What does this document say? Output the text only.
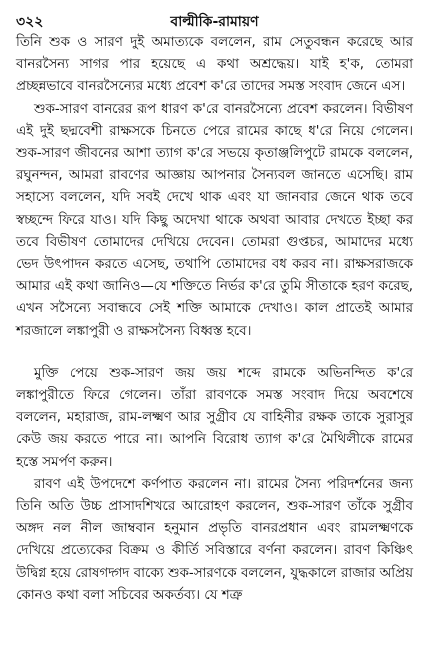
৩২২	বাল্মীকি-রামায়ণ

তিনি শুক ও সারণ দুই অমাত্যকে বললেন, রাম সেতুবন্ধন করেছে আর বানরসৈন্য সাগর পার হয়েছে এ কথা অশ্রদ্ধেয়। যাই হ'ক, তোমরা প্রচ্ছন্নভাবে বানরসৈন্যের মধ্যে প্রবেশ ক'রে তাদের সমস্ত সংবাদ জেনে এস।

শুক-সারণ বানরের রূপ ধারণ ক'রে বানরসৈন্যে প্রবেশ করলেন। বিভীষণ এই দুই ছদ্মবেশী রাক্ষসকে চিনতে পেরে রামের কাছে ধ'রে নিয়ে গেলেন। শুক-সারণ জীবনের আশা ত্যাগ ক'রে সভয়ে কৃতাঞ্জলিপুটে রামকে বললেন, রঘুনন্দন, আমরা রাবণের আজ্ঞায় আপনার সৈন্যবল জানতে এসেছি। রাম সহাস্যে বললেন, যদি সবই দেখে থাক এবং যা জানবার জেনে থাক তবে স্বচ্ছন্দে ফিরে যাও। যদি কিছু অদেখা থাকে অথবা আবার দেখতে ইচ্ছা কর তবে বিভীষণ তোমাদের দেখিয়ে দেবেন। তোমরা গুপ্তচর, আমাদের মধ্যে ভেদ উৎপাদন করতে এসেছ, তথাপি তোমাদের বধ করব না। রাক্ষসরাজকে আমার এই কথা জানিও—যে শক্তিতে নির্ভর ক'রে তুমি সীতাকে হরণ করেছ, এখন সসৈন্যে সবান্ধবে সেই শক্তি আমাকে দেখাও। কাল প্রাতেই আমার শরজালে লঙ্কাপুরী ও রাক্ষসসৈন্য বিধ্বস্ত হবে।

মুক্তি পেয়ে শুক-সারণ জয় জয় শব্দে রামকে অভিনন্দিত ক'রে লঙ্কাপুরীতে ফিরে গেলেন। তাঁরা রাবণকে সমস্ত সংবাদ দিয়ে অবশেষে বললেন, মহারাজ, রাম-লক্ষ্মণ আর সুগ্রীব যে বাহিনীর রক্ষক তাকে সুরাসুর কেউ জয় করতে পারে না। আপনি বিরোধ ত্যাগ ক'রে মৈথিলীকে রামের হস্তে সমর্পণ করুন।

রাবণ এই উপদেশে কর্ণপাত করলেন না। রামের সৈন্য পরিদর্শনের জন্য তিনি অতি উচ্চ প্রাসাদশিখরে আরোহণ করলেন, শুক-সারণ তাঁকে সুগ্রীব অঙ্গদ নল নীল জাম্ববান হনুমান প্রভৃতি বানরপ্রধান এবং রামলক্ষ্মণকে দেখিয়ে প্রত্যেকের বিক্রম ও কীর্তি সবিস্তারে বর্ণনা করলেন। রাবণ কিঞ্চিৎ উদ্বিগ্ন হয়ে রোষগদ্গদ বাক্যে শুক-সারণকে বললেন, যুদ্ধকালে রাজার অপ্রিয় কোনও কথা বলা সচিবের অকর্তব্য। যে শত্রু
